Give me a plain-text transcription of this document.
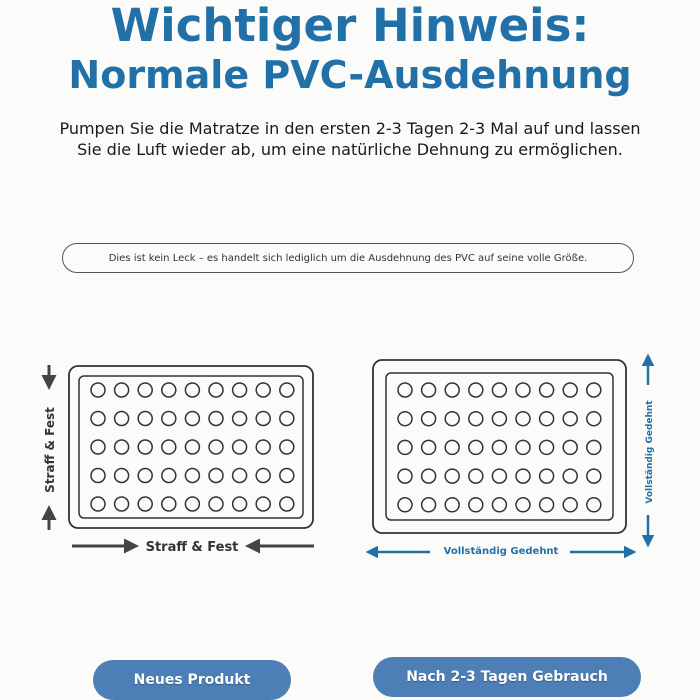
Wichtiger Hinweis:
Normale PVC-Ausdehnung
Pumpen Sie die Matratze in den ersten 2-3 Tagen 2-3 Mal auf und lassen
Sie die Luft wieder ab, um eine natürliche Dehnung zu ermöglichen.
Dies ist kein Leck – es handelt sich lediglich um die Ausdehnung des PVC auf seine volle Größe.
Straff & Fest
Straff & Fest
Vollständig Gedehnt
Vollständig Gedehnt
Neues Produkt	Nach 2-3 Tagen Gebrauch
